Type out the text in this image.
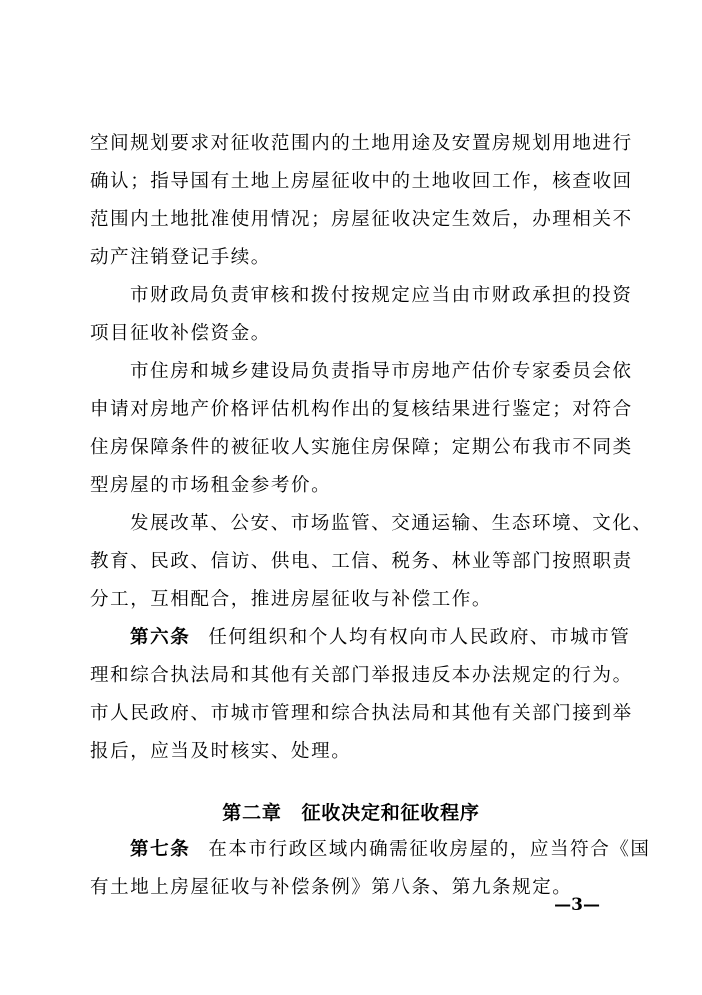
空间规划要求对征收范围内的土地用途及安置房规划用地进行
确认；指导国有土地上房屋征收中的土地收回工作，核查收回
范围内土地批准使用情况；房屋征收决定生效后，办理相关不
动产注销登记手续。
市财政局负责审核和拨付按规定应当由市财政承担的投资
项目征收补偿资金。
市住房和城乡建设局负责指导市房地产估价专家委员会依
申请对房地产价格评估机构作出的复核结果进行鉴定；对符合
住房保障条件的被征收人实施住房保障；定期公布我市不同类
型房屋的市场租金参考价。
发展改革、公安、市场监管、交通运输、生态环境、文化、
教育、民政、信访、供电、工信、税务、林业等部门按照职责
分工，互相配合，推进房屋征收与补偿工作。
第六条 任何组织和个人均有权向市人民政府、市城市管
理和综合执法局和其他有关部门举报违反本办法规定的行为。
市人民政府、市城市管理和综合执法局和其他有关部门接到举
报后，应当及时核实、处理。
第二章　征收决定和征收程序
第七条 在本市行政区域内确需征收房屋的，应当符合《国
有土地上房屋征收与补偿条例》第八条、第九条规定。
—3—
